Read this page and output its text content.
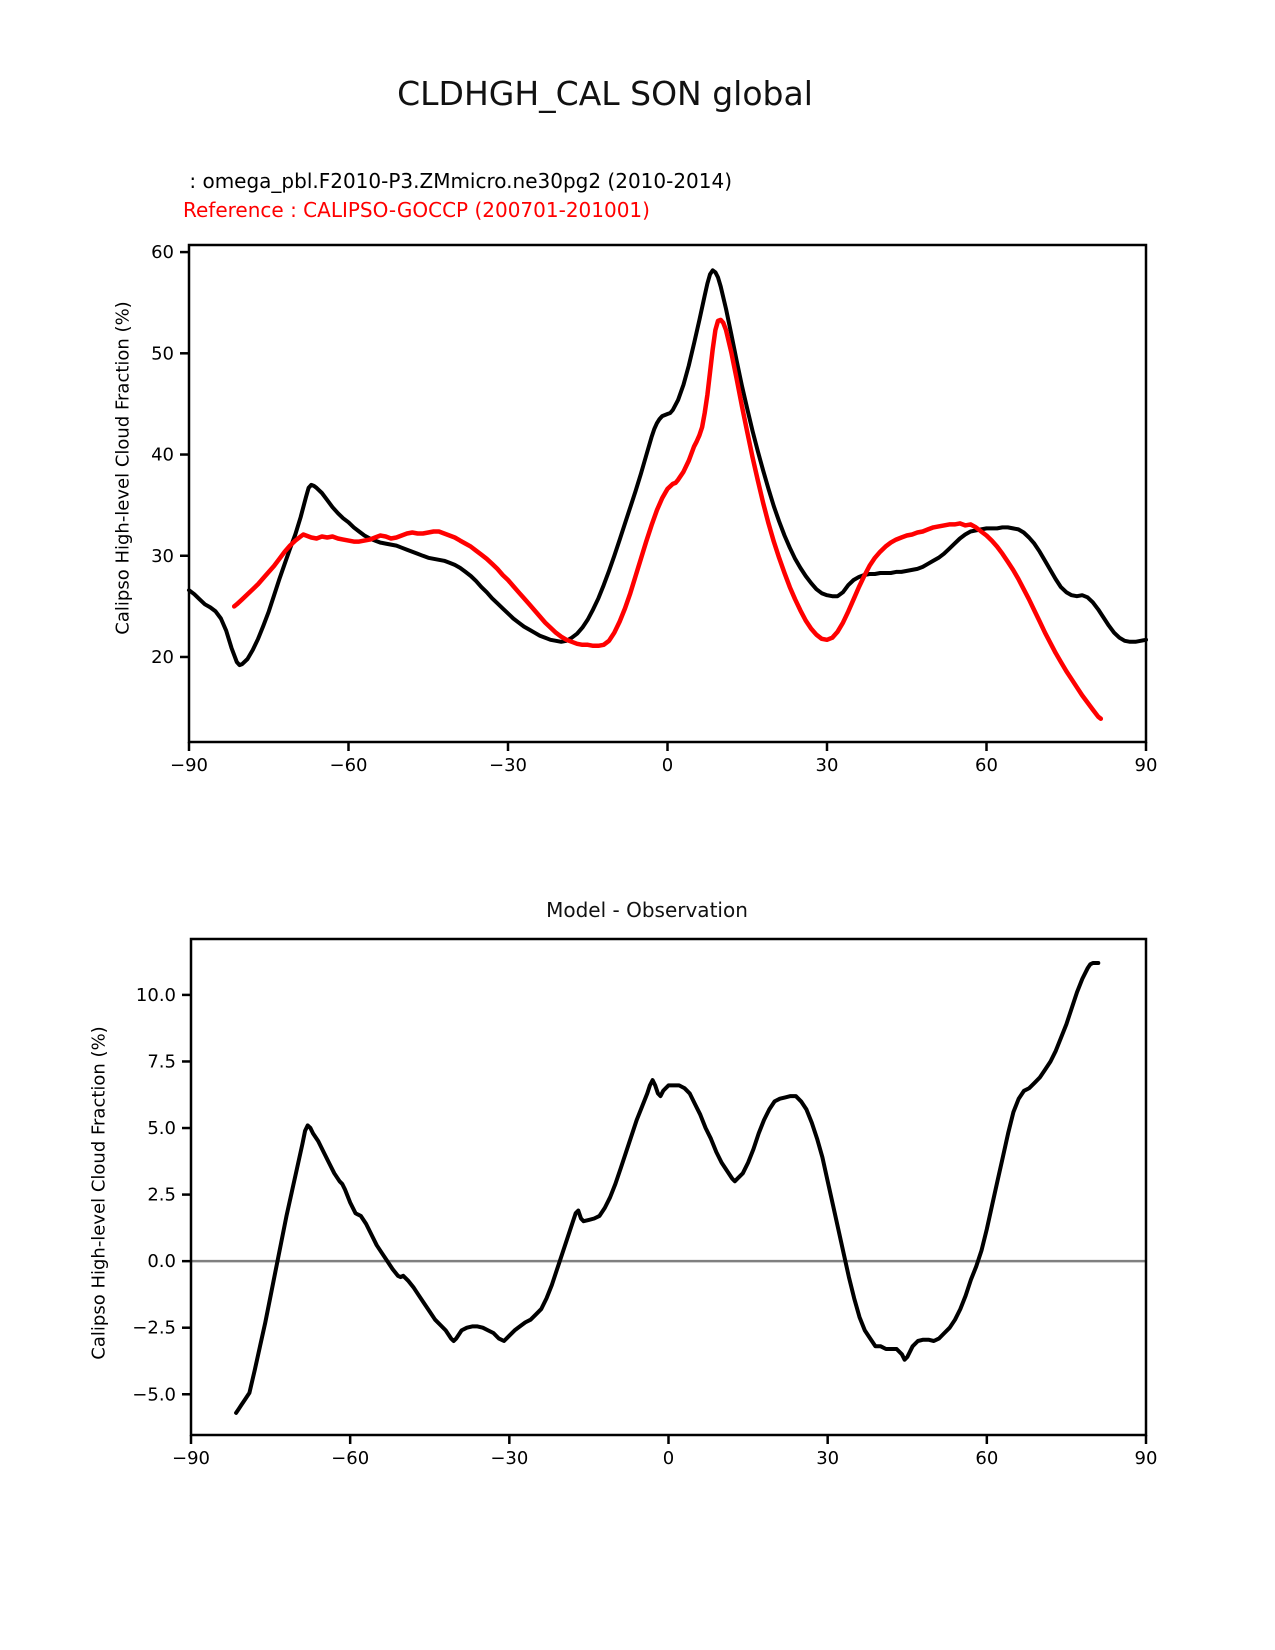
CLDHGH_CAL SON global
: omega_pbl.F2010-P3.ZMmicro.ne30pg2 (2010-2014)
Reference : CALIPSO-GOCCP (200701-201001)
Calipso High-level Cloud Fraction (%)
Calipso High-level Cloud Fraction (%)
Model - Observation
−90	−60	−30	0	30	60	90
20
30
40
50
60
−90	−60	−30	0	30	60	90
10.0
7.5
5.0
2.5
0.0
−2.5
−5.0
